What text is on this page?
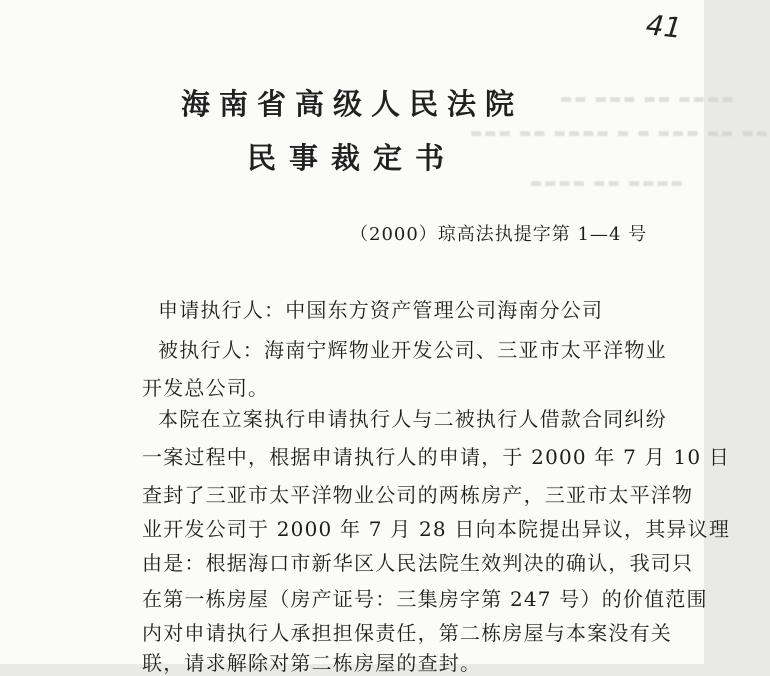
▬▬ ▬▬▬ ▬▬ ▬▬▬▬
▬▬▬ ▬▬ ▬▬▬▬ ▬ ▬ ▬▬▬ ▬▬ ▬▬
▬▬▬▬ ▬▬ ▬▬▬▬
41
海南省高级人民法院
民事裁定书
（2000）琼高法执提字第 1—4 号
申请执行人：中国东方资产管理公司海南分公司
被执行人：海南宁辉物业开发公司、三亚市太平洋物业
开发总公司。
本院在立案执行申请执行人与二被执行人借款合同纠纷
一案过程中，根据申请执行人的申请，于 2000 年 7 月 10 日
查封了三亚市太平洋物业公司的两栋房产，三亚市太平洋物
业开发公司于 2000 年 7 月 28 日向本院提出异议，其异议理
由是：根据海口市新华区人民法院生效判决的确认，我司只
在第一栋房屋（房产证号：三集房字第 247 号）的价值范围
内对申请执行人承担担保责任，第二栋房屋与本案没有关
联，请求解除对第二栋房屋的查封。
